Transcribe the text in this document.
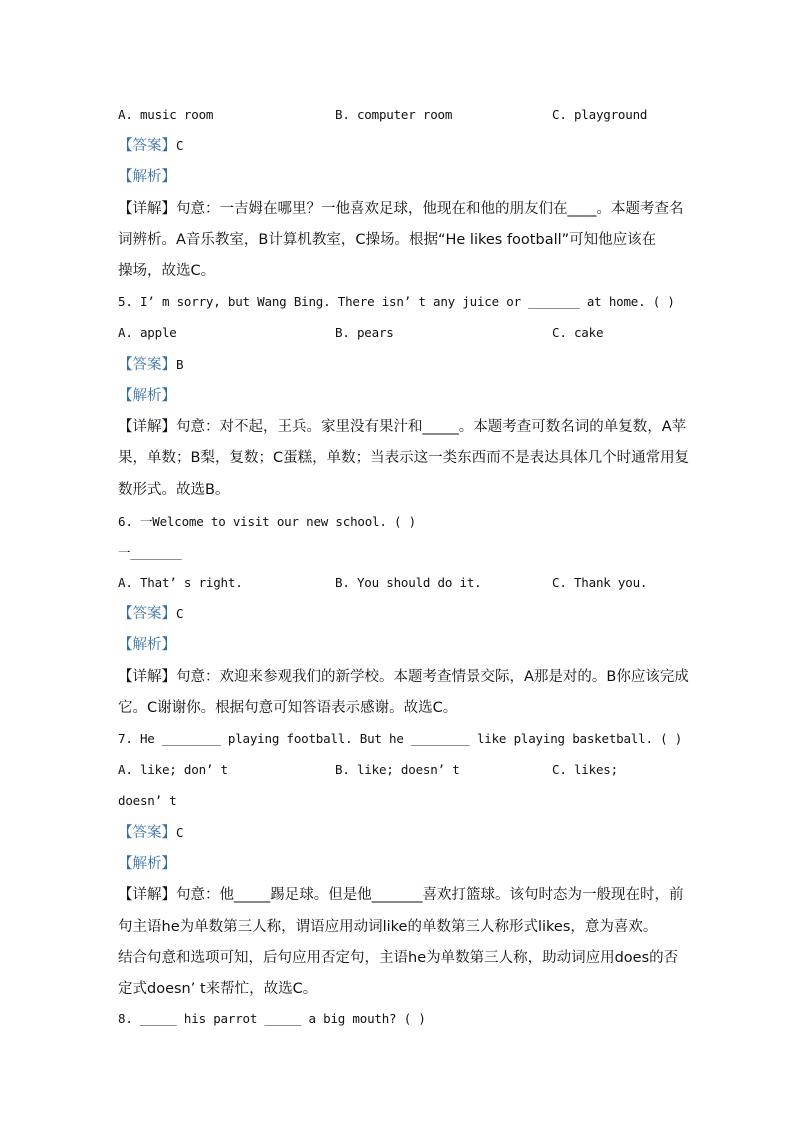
A. music room	B. computer room	C. playground
【答案】C
【解析】
【详解】句意：一吉姆在哪里？一他喜欢足球，他现在和他的朋友们在____。本题考查名
词辨析。A音乐教室，B计算机教室，C操场。根据“He likes football”可知他应该在
操场，故选C。
5. I’ m sorry, but Wang Bing. There isn’ t any juice or _______ at home. ( )
A. apple	B. pears	C. cake
【答案】B
【解析】
【详解】句意：对不起，王兵。家里没有果汁和_____。本题考查可数名词的单复数，A苹
果，单数；B梨，复数；C蛋糕，单数；当表示这一类东西而不是表达具体几个时通常用复
数形式。故选B。
6. 一Welcome to visit our new school. ( )
一_______
A. That’ s right.	B. You should do it.	C. Thank you.
【答案】C
【解析】
【详解】句意：欢迎来参观我们的新学校。本题考查情景交际，A那是对的。B你应该完成
它。C谢谢你。根据句意可知答语表示感谢。故选C。
7. He ________ playing football. But he ________ like playing basketball. ( )
A. like; don’ t	B. like; doesn’ t	C. likes;
doesn’ t
【答案】C
【解析】
【详解】句意：他_____踢足球。但是他_______喜欢打篮球。该句时态为一般现在时，前
句主语he为单数第三人称，谓语应用动词like的单数第三人称形式likes，意为喜欢。
结合句意和选项可知，后句应用否定句，主语he为单数第三人称，助动词应用does的否
定式doesn’ t来帮忙，故选C。
8. _____ his parrot _____ a big mouth? ( )
